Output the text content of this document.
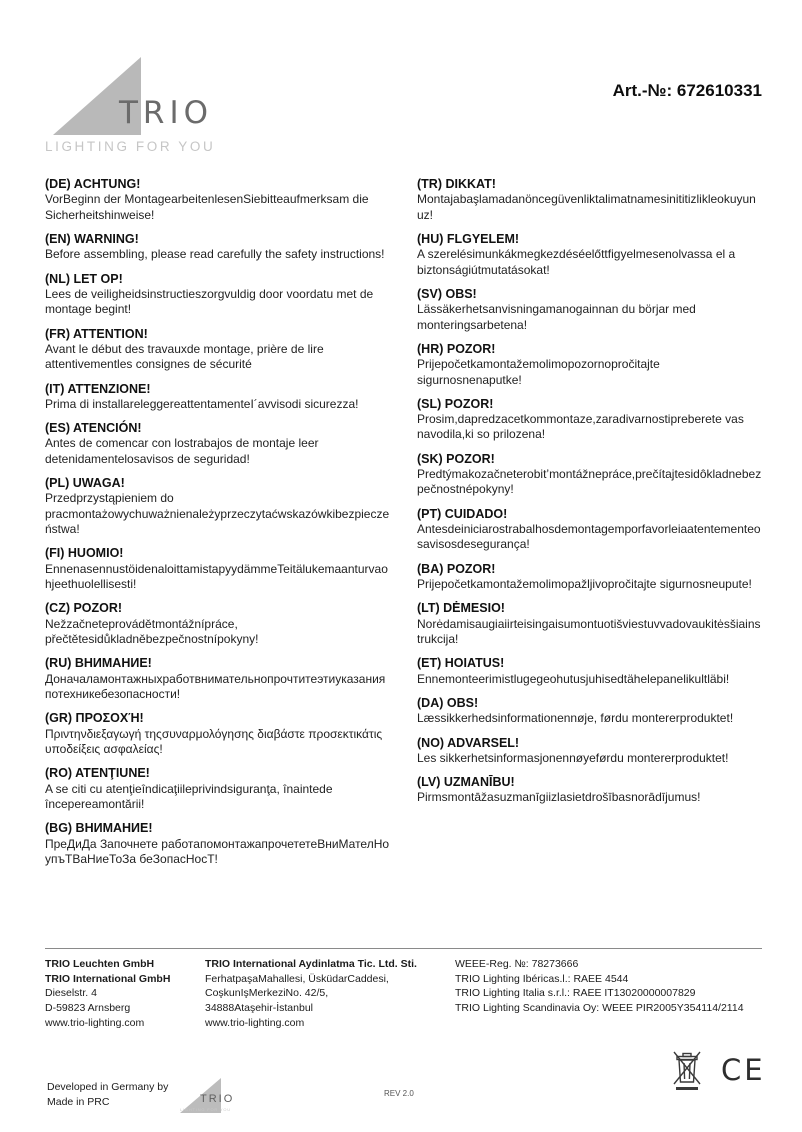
TRIO
LIGHTING FOR YOU
Art.-№: 672610331
(DE) ACHTUNG!

VorBeginn der MontagearbeitenlesenSiebitteaufmerksam die Sicherheitshinweise!

(EN) WARNING!

Before assembling, please read carefully the safety instructions!

(NL) LET OP!

Lees de veiligheidsinstructieszorgvuldig door voordatu met de montage begint!

(FR) ATTENTION!

Avant le début des travauxde montage, prière de lire attentivementles consignes de sécurité

(IT) ATTENZIONE!

Prima di installareleggereattentamenteI´avvisodi sicurezza!

(ES) ATENCIÓN!

Antes de comencar con lostrabajos de montaje leer detenidamentelosavisos de seguridad!

(PL) UWAGA!

Przedprzystąpieniem do pracmontażowychuważnienależyprzeczytaćwskazówkibezpieczeństwa!

(FI) HUOMIO!

EnnenasennustöidenaloittamistapyydämmeTeitälukemaanturvaohjeethuolellisesti!

(CZ) POZOR!

Nežzačneteprovádětmontážnípráce, přečtětesidůkladněbezpečnostnípokyny!

(RU) ВНИМАНИЕ!

Доначаламонтажныхработвнимательнопрочтитеэтиуказанияпотехникебезопасности!

(GR) ΠΡΟΣΟΧΉ!

Πριντηνδιεξαγωγή τηςσυναρμολόγησης διαβάστε προσεκτικάτις υποδείξεις ασφαλείας!

(RO) ATENŢIUNE!

A se citi cu atenţieîndicaţiileprivindsiguranţa, înaintede începereamontării!

(BG) ВНИМАНИЕ!

ПреДиДа Започнете работапомонтажапрочететеВниМателНо упъТВаНиеТоЗа беЗопасНосТ!

(TR) DIKKAT!

Montajabaşlamadanöncegüvenliktalimatnamesinititizlikleokuyunuz!

(HU) FLGYELEM!

A szerelésimunkákmegkezdéséelőttfigyelmesenolvassa el a biztonságiútmutatásokat!

(SV) OBS!

Lässäkerhetsanvisningamanogainnan du börjar med monteringsarbetena!

(HR) POZOR!

Prijepočetkamontažemolimopozornopročitajte sigurnosnenaputke!

(SL) POZOR!

Prosim,dapredzacetkommontaze,zaradivarnostipreberete vas navodila,ki so prilozena!

(SK) POZOR!

Predtýmakozačneterobit’montážnepráce,prečítajtesidôkladnebezpečnostnépokyny!

(PT) CUIDADO!

Antesdeiniciarostrabalhosdemontagemporfavorleiaatentementeosavisosdesegurança!

(BA) POZOR!

Prijepočetkamontažemolimopažljivopročitajte sigurnosneupute!

(LT) DĖMESIO!

Norėdamisaugiaiirteisingaisumontuotišviestuvvadovaukitėsšiainstrukcija!

(ET) HOIATUS!

Ennemonteerimistlugegeohutusjuhisedtähelepanelikultläbi!

(DA) OBS!

Læssikkerhedsinformationennøje, førdu montererproduktet!

(NO) ADVARSEL!

Les sikkerhetsinformasjonennøyeførdu montererproduktet!

(LV) UZMANĪBU!

Pirmsmontāžasuzmanīgiizlasietdrošībasnorādījumus!

TRIO Leuchten GmbH
TRIO International GmbH
Dieselstr. 4
D-59823 Arnsberg
www.trio-lighting.com
TRIO International Aydinlatma Tic. Ltd. Sti.
FerhatpaşaMahallesi, ÜsküdarCaddesi,
CoşkunIşMerkeziNo. 42/5,
34888Ataşehir-İstanbul
www.trio-lighting.com
WEEE-Reg. №: 78273666
TRIO Lighting Ibéricas.l.: RAEE 4544
TRIO Lighting Italia s.r.l.: RAEE IT13020000007829
TRIO Lighting Scandinavia Oy: WEEE PIR2005Y354114/2114
Developed in Germany by
Made in PRC
REV 2.0
TRIO
LIGHTING FOR YOU
CE
